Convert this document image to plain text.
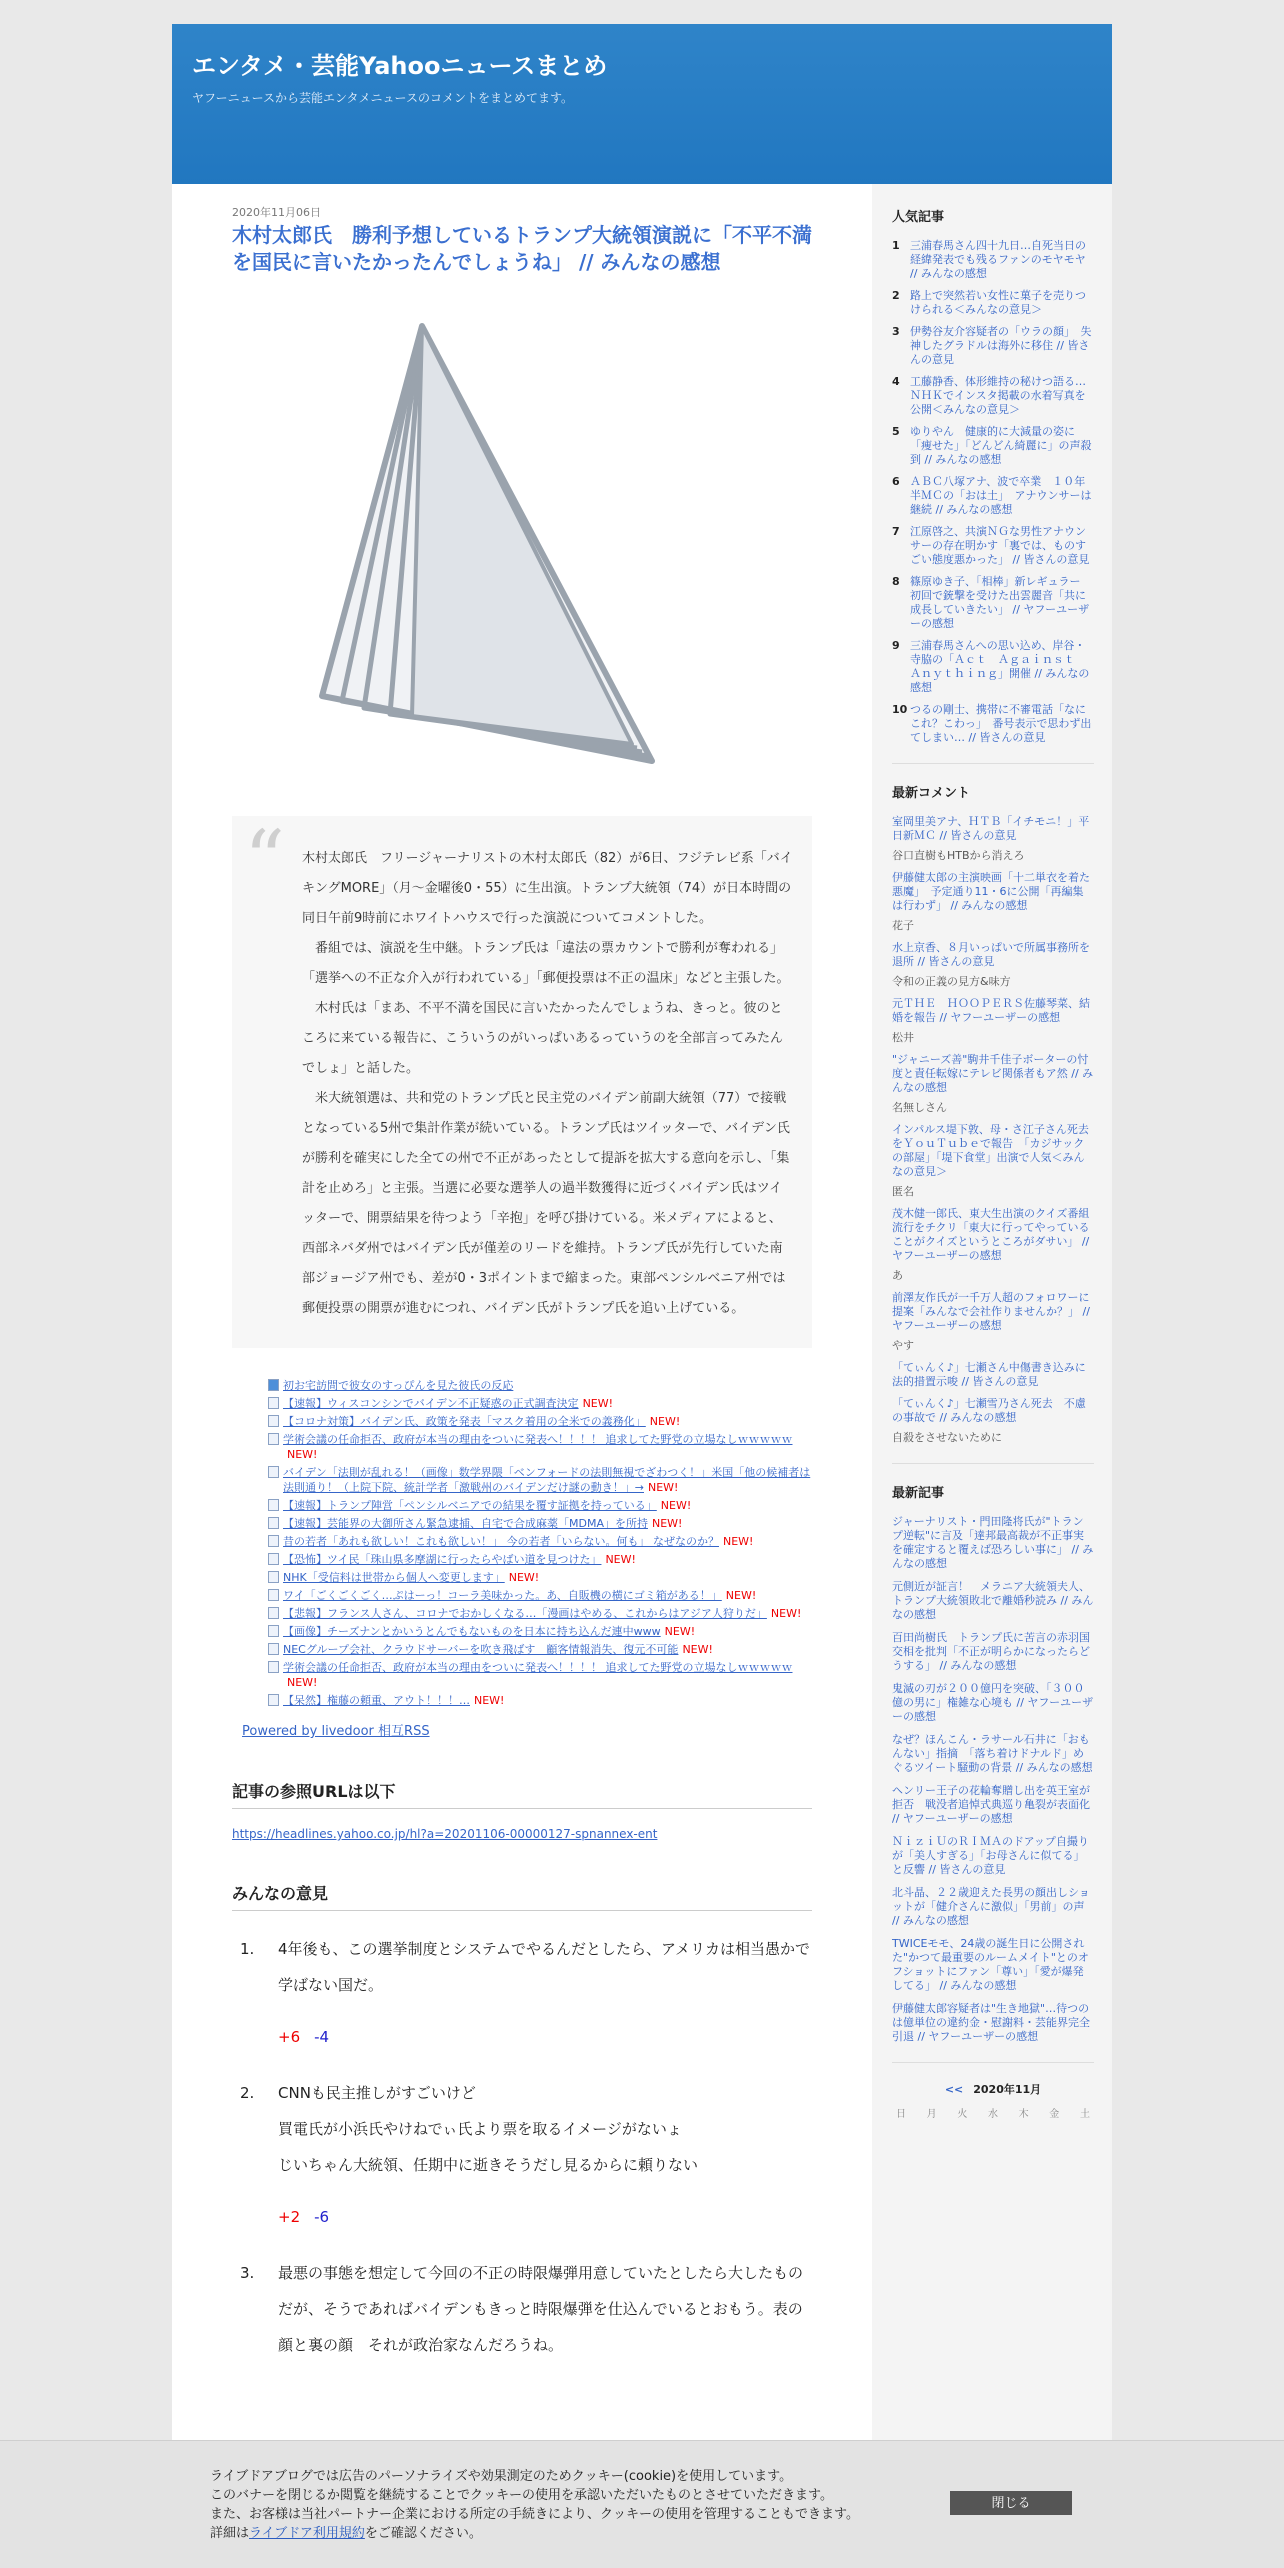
エンタメ・芸能Yahooニュースまとめ
ヤフーニュースから芸能エンタメニュースのコメントをまとめてます。
2020年11月06日
木村太郎氏　勝利予想しているトランプ大統領演説に「不平不満を国民に言いたかったんでしょうね」 // みんなの感想
“ 木村太郎氏　フリージャーナリストの木村太郎氏（82）が6日、フジテレビ系「バイキングMORE」（月～金曜後0・55）に生出演。トランプ大統領（74）が日本時間の同日午前9時前にホワイトハウスで行った演説についてコメントした。

番組では、演説を生中継。トランプ氏は「違法の票カウントで勝利が奪われる」「選挙への不正な介入が行われている」「郵便投票は不正の温床」などと主張した。

木村氏は「まあ、不平不満を国民に言いたかったんでしょうね、きっと。彼のところに来ている報告に、こういうのがいっぱいあるっていうのを全部言ってみたんでしょ」と話した。

米大統領選は、共和党のトランプ氏と民主党のバイデン前副大統領（77）で接戦となっている5州で集計作業が続いている。トランプ氏はツイッターで、バイデン氏が勝利を確実にした全ての州で不正があったとして提訴を拡大する意向を示し、「集計を止めろ」と主張。当選に必要な選挙人の過半数獲得に近づくバイデン氏はツイッターで、開票結果を待つよう「辛抱」を呼び掛けている。米メディアによると、西部ネバダ州ではバイデン氏が僅差のリードを維持。トランプ氏が先行していた南部ジョージア州でも、差が0・3ポイントまで縮まった。東部ペンシルベニア州では郵便投票の開票が進むにつれ、バイデン氏がトランプ氏を追い上げている。

初お宅訪問で彼女のすっぴんを見た彼氏の反応
【速報】ウィスコンシンでバイデン不正疑惑の正式調査決定 NEW!
【コロナ対策】バイデン氏、政策を発表「マスク着用の全米での義務化」 NEW!
学術会議の任命拒否、政府が本当の理由をついに発表へ！！！！ 追求してた野党の立場なしｗｗｗｗｗNEW!
バイデン「法則が乱れる！（画像」数学界隈「ベンフォードの法則無視でざわつく！」米国「他の候補者は法則通り！（上院下院、統計学者「激戦州のバイデンだけ謎の動き！」→ NEW!
【速報】トランプ陣営「ペンシルベニアでの結果を覆す証拠を持っている」 NEW!
【速報】芸能界の大御所さん緊急逮捕、自宅で合成麻薬「MDMA」を所持 NEW!
昔の若者「あれも欲しい！これも欲しい！」 今の若者「いらない。何も」 なぜなのか？ NEW!
【恐怖】ツイ民「珠山県多摩湖に行ったらやばい道を見つけた」 NEW!
NHK「受信料は世帯から個人へ変更します」 NEW!
ワイ「ごくごくごく…ぷはーっ！コーラ美味かった。あ、自販機の横にゴミ箱がある！」 NEW!
【悲報】フランス人さん、コロナでおかしくなる…「漫画はやめる、これからはアジア人狩りだ」 NEW!
【画像】チーズナンとかいうとんでもないものを日本に持ち込んだ連中www NEW!
NECグループ会社、クラウドサーバーを吹き飛ばす　顧客情報消失、復元不可能 NEW!
学術会議の任命拒否、政府が本当の理由をついに発表へ！！！！ 追求してた野党の立場なしｗｗｗｗｗNEW!
【呆然】権藤の頼重、アウト！！！… NEW!
Powered by livedoor 相互RSS
記事の参照URLは以下
https://headlines.yahoo.co.jp/hl?a=20201106-00000127-spnannex-ent
みんなの意見
1.	4年後も、この選挙制度とシステムでやるんだとしたら、アメリカは相当愚かで学ばない国だ。
+6 -4
2.	CNNも民主推しがすごいけど
買電氏が小浜氏やけねでぃ氏より票を取るイメージがないょ
じいちゃん大統領、任期中に逝きそうだし見るからに頼りない
+2 -6
3.	最悪の事態を想定して今回の不正の時限爆弾用意していたとしたら大したものだが、そうであればバイデンもきっと時限爆弾を仕込んでいるとおもう。表の顔と裏の顔　それが政治家なんだろうね。
人気記事
1 三浦春馬さん四十九日…自死当日の経緯発表でも残るファンのモヤモヤ // みんなの感想
2 路上で突然若い女性に菓子を売りつけられる＜みんなの意見＞
3 伊勢谷友介容疑者の「ウラの顔」　失神したグラドルは海外に移住 // 皆さんの意見
4 工藤静香、体形維持の秘けつ語る…ＮＨＫでインスタ掲載の水着写真を公開＜みんなの意見＞
5 ゆりやん　健康的に大減量の姿に「痩せた」「どんどん綺麗に」の声殺到 // みんなの感想
6 ＡＢＣ八塚アナ、波で卒業　１０年半ＭＣの「おは土」　アナウンサーは継続 // みんなの感想
7 江原啓之、共演ＮＧな男性アナウンサーの存在明かす「裏では、ものすごい態度悪かった」 // 皆さんの意見
8 篠原ゆき子、「相棒」新レギュラー　初回で銃撃を受けた出雲麗音「共に成長していきたい」 // ヤフーユーザーの感想
9 三浦春馬さんへの思い込め、岸谷・寺脇の「Ａｃｔ　Ａｇａｉｎｓｔ　Ａｎｙｔｈｉｎｇ」開催 // みんなの感想
10 つるの剛士、携帯に不審電話「なにこれ？こわっ」　番号表示で思わず出てしまい… // 皆さんの意見
最新コメント
室岡里美アナ、ＨＴＢ「イチモニ！」平日新ＭＣ // 皆さんの意見
谷口直樹もHTBから消えろ
伊藤健太郎の主演映画「十二単衣を着た悪魔」　予定通り11・6に公開「再編集は行わず」 // みんなの感想
花子
水上京香、８月いっぱいで所属事務所を退所 // 皆さんの意見
令和の正義の見方&味方
元ＴＨＥ　ＨＯＯＰＥＲＳ佐藤琴菜、結婚を報告 // ヤフーユーザーの感想
松井
"ジャニーズ善"駒井千佳子ボーターの忖度と責任転嫁にテレビ関係者もア然 // みんなの感想
名無しさん
インパルス堤下敦、母・さ江子さん死去をＹｏｕＴｕｂｅで報告　「カジサックの部屋」「堤下食堂」出演で人気＜みんなの意見＞
匿名
茂木健一郎氏、東大生出演のクイズ番組流行をチクリ「東大に行ってやっていることがクイズというところがダサい」 // ヤフーユーザーの感想
あ
前澤友作氏が一千万人超のフォロワーに提案「みんなで会社作りませんか？」 // ヤフーユーザーの感想
やす
「てぃんく♪」七瀬さん中傷書き込みに法的措置示唆 // 皆さんの意見
「てぃんく♪」七瀬雪乃さん死去　不慮の事故で // みんなの感想
自殺をさせないために
最新記事
ジャーナリスト・門田隆将氏が"トランプ逆転"に言及「達邦最高裁が不正事実を確定すると覆えば恐ろしい事に」 // みんなの感想
元側近が証言！　メラニア大統領夫人、トランプ大統領敗北で離婚秒読み // みんなの感想
百田尚樹氏　トランプ氏に苦言の赤羽国交相を批判「不正が明らかになったらどうする」 // みんなの感想
鬼滅の刃が２００億円を突破、「３００億の男に」権雑な心境も // ヤフーユーザーの感想
なぜ？ほんこん・ラサール石井に「おもんない」指摘　「落ち着けドナルド」めぐるツイート騒動の背景 // みんなの感想
ヘンリー王子の花輪奪贈し出を英王室が拒否　戦没者追悼式典巡り亀裂が表面化 // ヤフーユーザーの感想
ＮｉｚｉＵのＲＩＭＡのドアップ自撮りが「美人すぎる」「お母さんに似てる」と反響 // 皆さんの意見
北斗晶、２２歳迎えた長男の顔出しショットが「健介さんに激似」「男前」の声 // みんなの感想
TWICEモモ、24歳の誕生日に公開された"かつて最重要のルームメイト"とのオフショットにファン「尊い」「愛が爆発してる」 // みんなの感想
伊藤健太郎容疑者は"生き地獄"…待つのは億単位の違約金・慰謝料・芸能界完全引退 // ヤフーユーザーの感想
<< 2020年11月
日 月 火 水 木 金 土
ライブドアブログでは広告のパーソナライズや効果測定のためクッキー(cookie)を使用しています。
このバナーを閉じるか閲覧を継続することでクッキーの使用を承認いただいたものとさせていただきます。
また、お客様は当社パートナー企業における所定の手続きにより、クッキーの使用を管理することもできます。
詳細はライブドア利用規約をご確認ください。
閉じる
